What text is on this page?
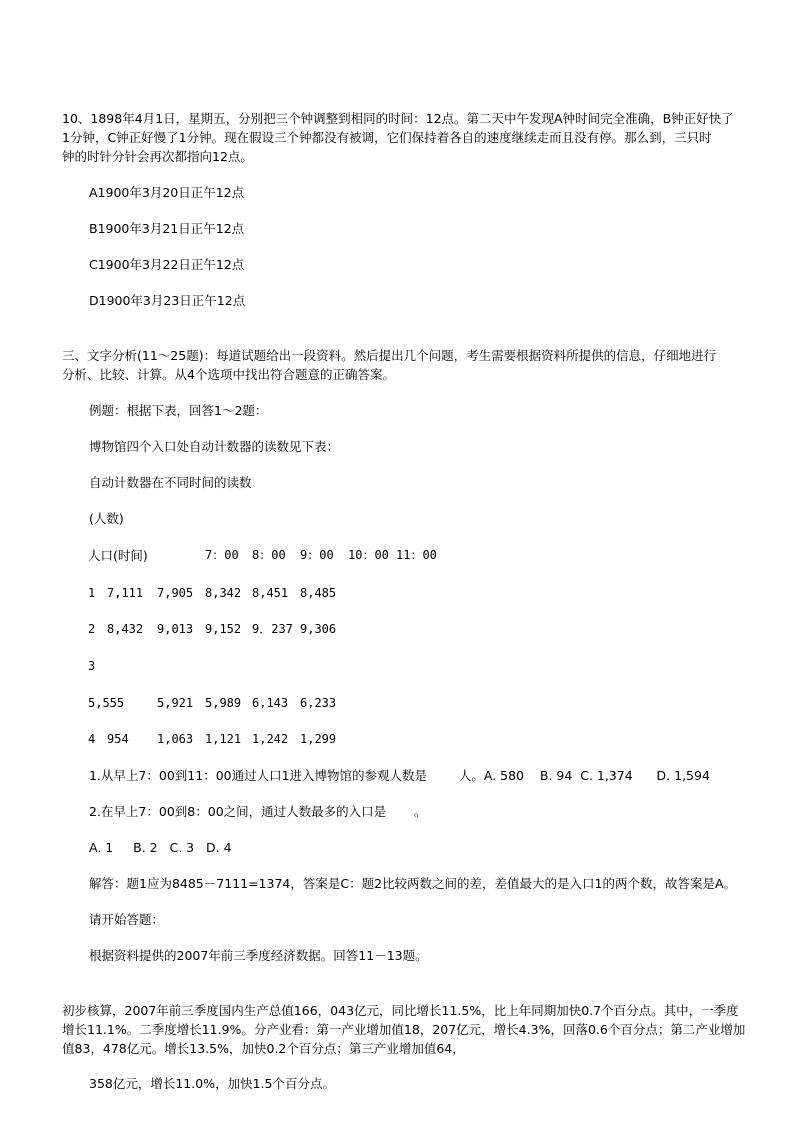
10、1898年4月1日，星期五，分别把三个钟调整到相同的时间：12点。第二天中午发现A钟时间完全准确，B钟正好快了
1分钟，C钟正好慢了1分钟。现在假设三个钟都没有被调，它们保持着各自的速度继续走而且没有停。那么到，三只时
钟的时针分针会再次都指向12点。
A1900年3月20日正午12点
B1900年3月21日正午12点
C1900年3月22日正午12点
D1900年3月23日正午12点
三、文字分析(11～25题)：每道试题给出一段资料。然后提出几个问题，考生需要根据资料所提供的信息，仔细地进行
分析、比较、计算。从4个选项中找出符合题意的正确答案。
例题：根据下表，回答1～2题：
博物馆四个入口处自动计数器的读数见下表：
自动计数器在不同时间的读数
(人数)
人口(时间)	7：00 8：00 9：00 10：00 11：00
1 7,111 7,905 8,342 8,451 8,485
2 8,432 9,013 9,152 9．237 9,306
3
5,555	5,921 5,989 6,143 6,233
4 954 1,063 1,121 1,242 1,299
1.从早上7：00到11：00通过人口1进入博物馆的参观人数是        人。A. 580    B. 94  C. 1,374      D. 1,594
2.在早上7：00到8：00之间，通过人数最多的入口是       。
A. 1     B. 2   C. 3   D. 4
解答：题1应为8485－7111=1374，答案是C：题2比较两数之间的差，差值最大的是入口1的两个数，故答案是A。
请开始答题：
根据资料提供的2007年前三季度经济数据。回答11－13题。
初步核算，2007年前三季度国内生产总值166，043亿元，同比增长11.5%，比上年同期加快0.7个百分点。其中，一季度
增长11.1%。二季度增长11.9%。分产业看：第一产业增加值18，207亿元，增长4.3%，回落0.6个百分点；第二产业增加
值83，478亿元。增长13.5%，加快0.2个百分点；第三产业增加值64，
358亿元，增长11.0%，加快1.5个百分点。
